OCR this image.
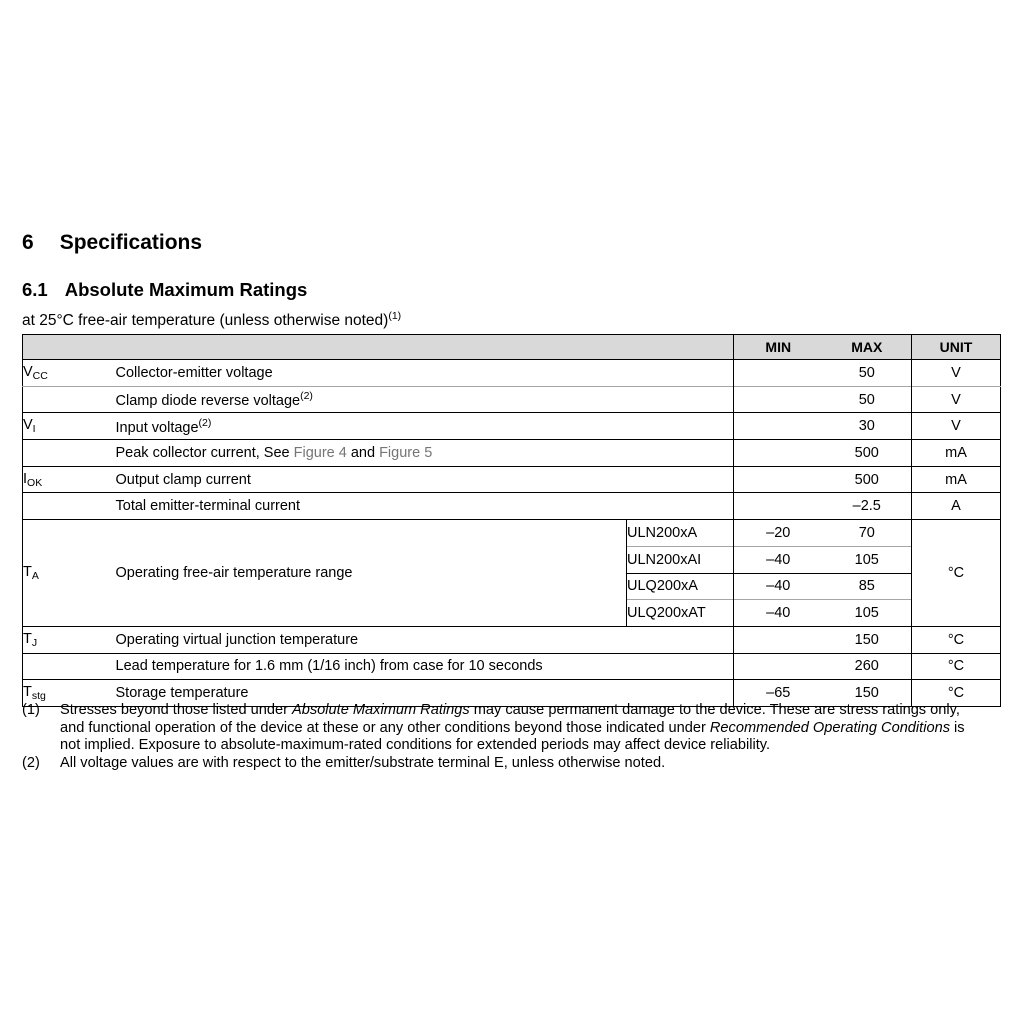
6 Specifications
6.1 Absolute Maximum Ratings
at 25°C free-air temperature (unless otherwise noted)$^{(1)}$
			MIN	MAX	UNIT
$V_{CC}$	Collector-emitter voltage			50	V
	Clamp diode reverse voltage$^{(2)}$			50	V
$V_I$	Input voltage$^{(2)}$			30	V
	Peak collector current, See Figure 4 and Figure 5			500	mA
$I_{OK}$	Output clamp current			500	mA
	Total emitter-terminal current			–2.5	A
$T_A$	Operating free-air temperature range	ULN200xA	–20	70	°C
		ULN200xAI	–40	105	
		ULQ200xA	–40	85	
		ULQ200xAT	–40	105	
$T_J$	Operating virtual junction temperature			150	°C
	Lead temperature for 1.6 mm (1/16 inch) from case for 10 seconds			260	°C
$T_{stg}$	Storage temperature		–65	150	°C
(1) Stresses beyond those listed under Absolute Maximum Ratings may cause permanent damage to the device. These are stress ratings only, and functional operation of the device at these or any other conditions beyond those indicated under Recommended Operating Conditions is not implied. Exposure to absolute-maximum-rated conditions for extended periods may affect device reliability.
(2) All voltage values are with respect to the emitter/substrate terminal E, unless otherwise noted.
